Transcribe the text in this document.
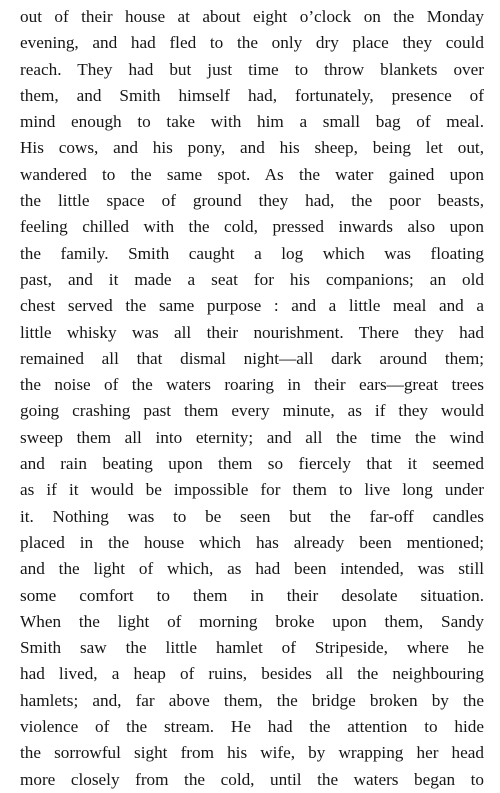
out of their house at about eight o’clock on the Monday
evening, and had fled to the only dry place they could
reach. They had but just time to throw blankets over
them, and Smith himself had, fortunately, presence of
mind enough to take with him a small bag of meal.
His cows, and his pony, and his sheep, being let out,
wandered to the same spot. As the water gained upon
the little space of ground they had, the poor beasts,
feeling chilled with the cold, pressed inwards also upon
the family. Smith caught a log which was floating
past, and it made a seat for his companions; an old
chest served the same purpose : and a little meal and a
little whisky was all their nourishment. There they had
remained all that dismal night—all dark around them;
the noise of the waters roaring in their ears—great trees
going crashing past them every minute, as if they would
sweep them all into eternity; and all the time the wind
and rain beating upon them so fiercely that it seemed
as if it would be impossible for them to live long under
it. Nothing was to be seen but the far-off candles
placed in the house which has already been mentioned;
and the light of which, as had been intended, was still
some comfort to them in their desolate situation.
When the light of morning broke upon them, Sandy
Smith saw the little hamlet of Stripeside, where he
had lived, a heap of ruins, besides all the neighbouring
hamlets; and, far above them, the bridge broken by the
violence of the stream. He had the attention to hide
the sorrowful sight from his wife, by wrapping her head
more closely from the cold, until the waters began to
